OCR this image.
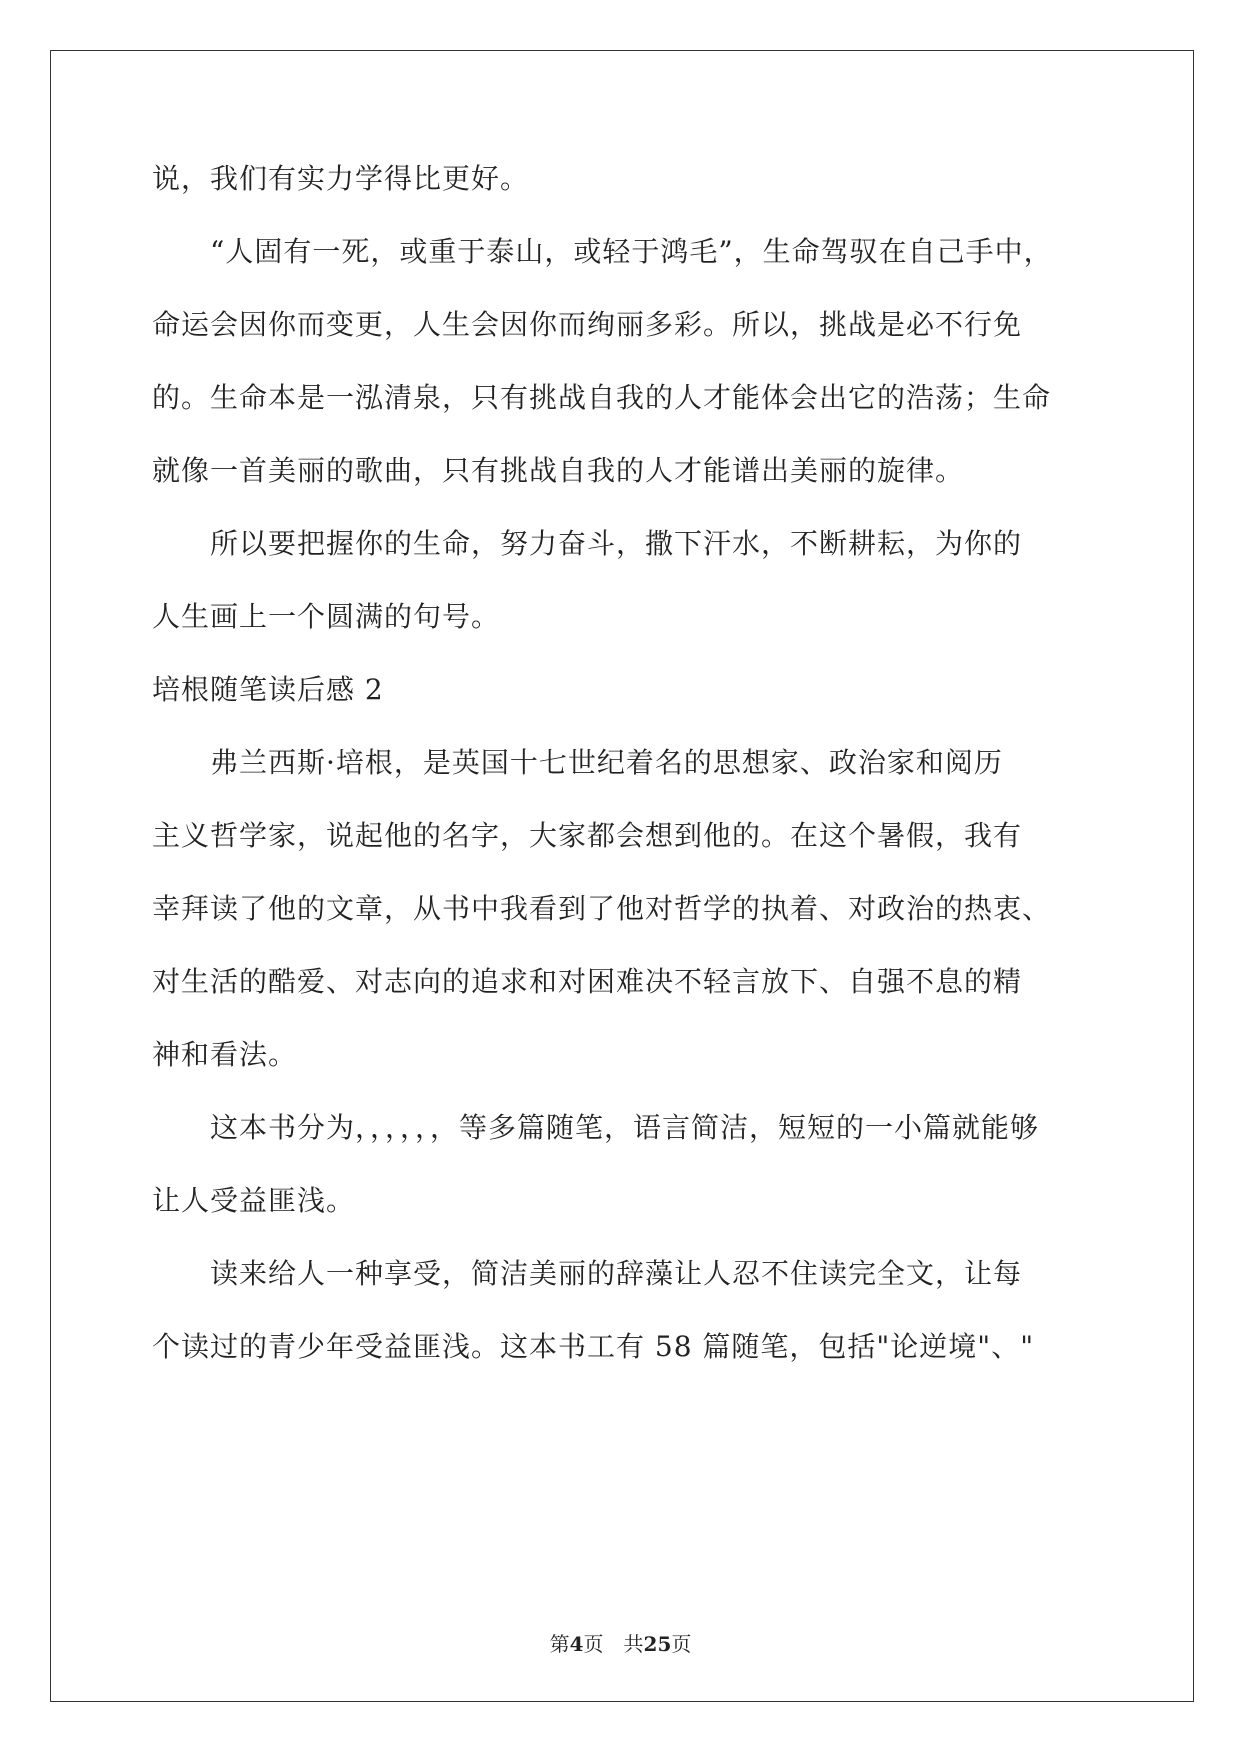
说，我们有实力学得比更好。
　　“人固有一死，或重于泰山，或轻于鸿毛”，生命驾驭在自己手中，
命运会因你而变更，人生会因你而绚丽多彩。所以，挑战是必不行免
的。生命本是一泓清泉，只有挑战自我的人才能体会出它的浩荡；生命
就像一首美丽的歌曲，只有挑战自我的人才能谱出美丽的旋律。
　　所以要把握你的生命，努力奋斗，撒下汗水，不断耕耘，为你的
人生画上一个圆满的句号。
培根随笔读后感 2
　　弗兰西斯·培根，是英国十七世纪着名的思想家、政治家和阅历
主义哲学家，说起他的名字，大家都会想到他的。在这个暑假，我有
幸拜读了他的文章，从书中我看到了他对哲学的执着、对政治的热衷、
对生活的酷爱、对志向的追求和对困难决不轻言放下、自强不息的精
神和看法。
　　这本书分为，，，，，，等多篇随笔，语言简洁，短短的一小篇就能够
让人受益匪浅。
　　读来给人一种享受，简洁美丽的辞藻让人忍不住读完全文，让每
个读过的青少年受益匪浅。这本书工有 58 篇随笔，包括"论逆境"、"
第4页　共25页
